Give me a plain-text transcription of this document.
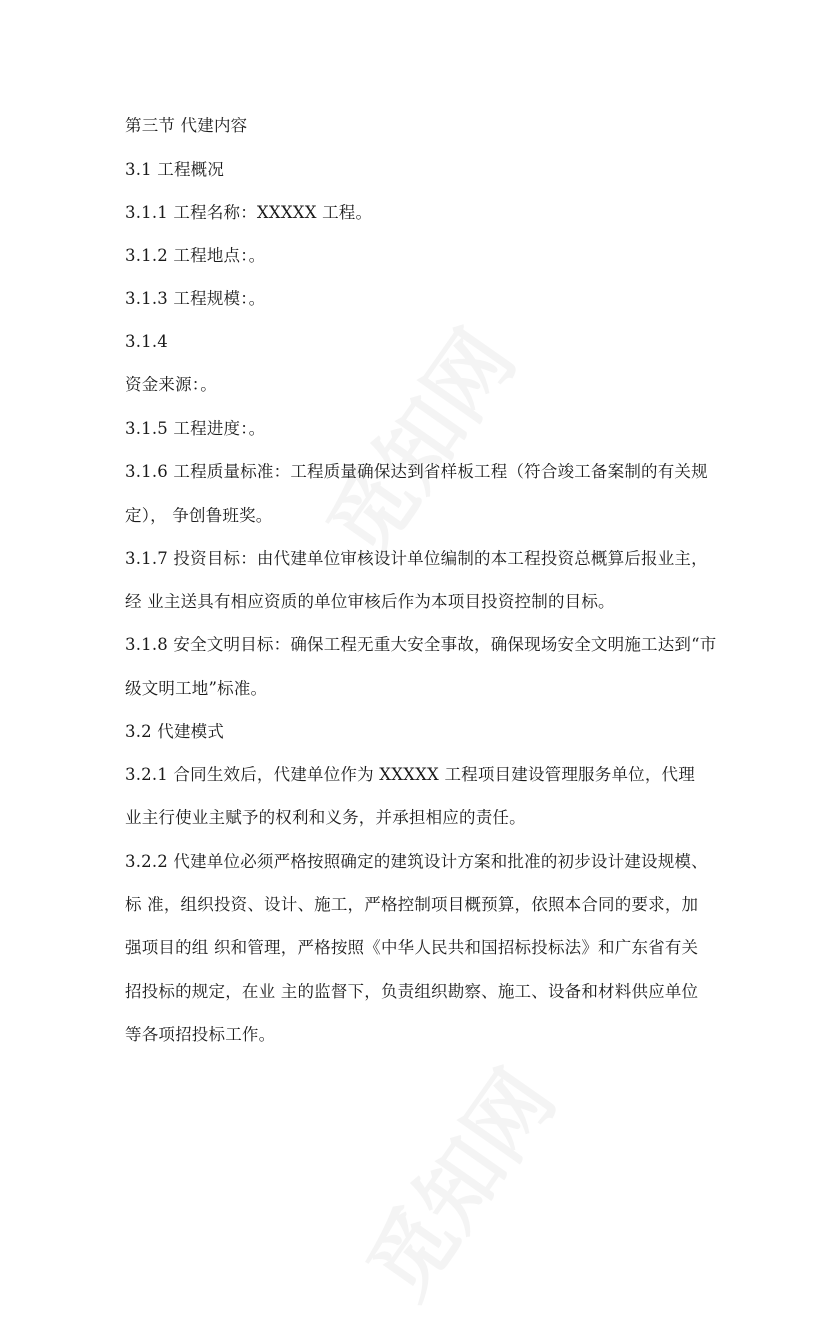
第三节 代建内容
3.1 工程概况
3.1.1 工程名称：XXXXX 工程。
3.1.2 工程地点：。
3.1.3 工程规模：。
3.1.4
资金来源：。
3.1.5 工程进度：。
3.1.6 工程质量标准：工程质量确保达到省样板工程（符合竣工备案制的有关规
定）， 争创鲁班奖。
3.1.7 投资目标：由代建单位审核设计单位编制的本工程投资总概算后报业主，
经 业主送具有相应资质的单位审核后作为本项目投资控制的目标。
3.1.8 安全文明目标：确保工程无重大安全事故，确保现场安全文明施工达到“市
级文明工地”标准。
3.2 代建模式
3.2.1 合同生效后，代建单位作为 XXXXX 工程项目建设管理服务单位，代理
业主行使业主赋予的权利和义务，并承担相应的责任。
3.2.2 代建单位必须严格按照确定的建筑设计方案和批准的初步设计建设规模、
标 准，组织投资、设计、施工，严格控制项目概预算，依照本合同的要求，加
强项目的组 织和管理，严格按照《中华人民共和国招标投标法》和广东省有关
招投标的规定，在业 主的监督下，负责组织勘察、施工、设备和材料供应单位
等各项招投标工作。
